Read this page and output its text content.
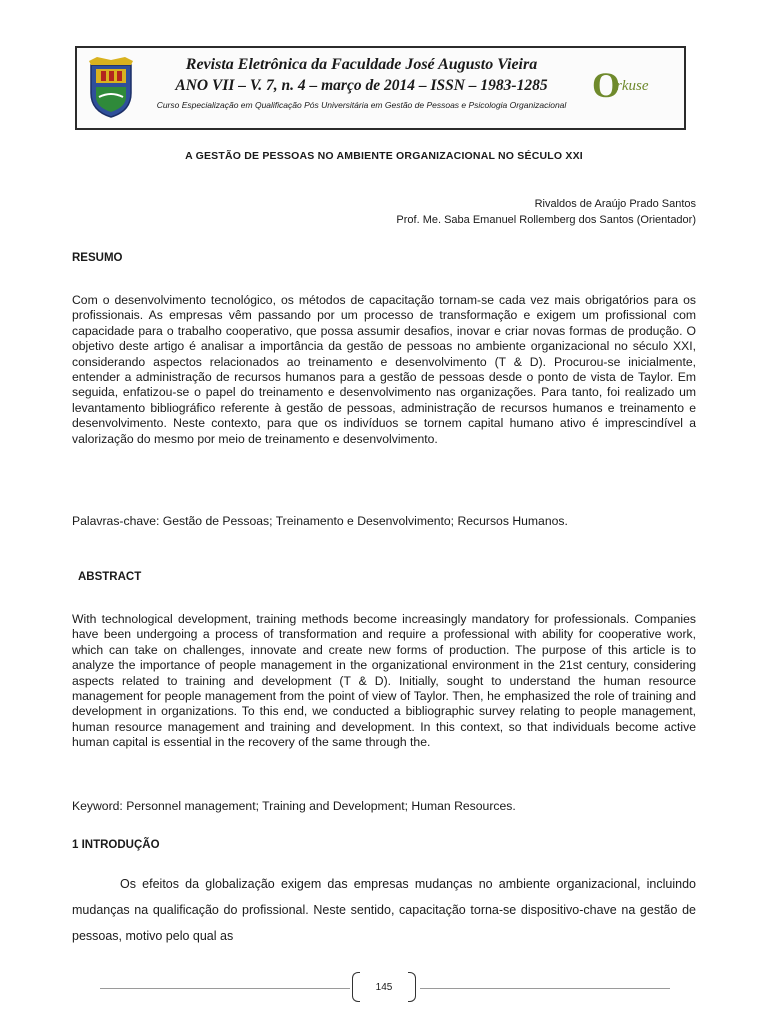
Revista Eletrônica da Faculdade José Augusto Vieira
ANO VII – V. 7, n. 4 – março de 2014 – ISSN – 1983-1285
Curso Especialização em Qualificação Pós Universitária em Gestão de Pessoas e Psicologia Organizacional O
rkuse
A GESTÃO DE PESSOAS NO AMBIENTE ORGANIZACIONAL NO SÉCULO XXI
Rivaldos de Araújo Prado Santos
Prof. Me. Saba Emanuel Rollemberg dos Santos (Orientador)
RESUMO

Com o desenvolvimento tecnológico, os métodos de capacitação tornam-se cada vez mais obrigatórios para os profissionais. As empresas vêm passando por um processo de transformação e exigem um profissional com capacidade para o trabalho cooperativo, que possa assumir desafios, inovar e criar novas formas de produção. O objetivo deste artigo é analisar a importância da gestão de pessoas no ambiente organizacional no século XXI, considerando aspectos relacionados ao treinamento e desenvolvimento (T & D). Procurou-se inicialmente, entender a administração de recursos humanos para a gestão de pessoas desde o ponto de vista de Taylor. Em seguida, enfatizou-se o papel do treinamento e desenvolvimento nas organizações. Para tanto, foi realizado um levantamento bibliográfico referente à gestão de pessoas, administração de recursos humanos e treinamento e desenvolvimento. Neste contexto, para que os indivíduos se tornem capital humano ativo é imprescindível a valorização do mesmo por meio de treinamento e desenvolvimento.

Palavras-chave: Gestão de Pessoas; Treinamento e Desenvolvimento; Recursos Humanos.

ABSTRACT

With technological development, training methods become increasingly mandatory for professionals. Companies have been undergoing a process of transformation and require a professional with ability for cooperative work, which can take on challenges, innovate and create new forms of production. The purpose of this article is to analyze the importance of people management in the organizational environment in the 21st century, considering aspects related to training and development (T & D). Initially, sought to understand the human resource management for people management from the point of view of Taylor. Then, he emphasized the role of training and development in organizations. To this end, we conducted a bibliographic survey relating to people management, human resource management and training and development. In this context, so that individuals become active human capital is essential in the recovery of the same through the.

Keyword: Personnel management; Training and Development; Human Resources.

1 INTRODUÇÃO

Os efeitos da globalização exigem das empresas mudanças no ambiente organizacional, incluindo mudanças na qualificação do profissional. Neste sentido, capacitação torna-se dispositivo-chave na gestão de pessoas, motivo pelo qual as

145
